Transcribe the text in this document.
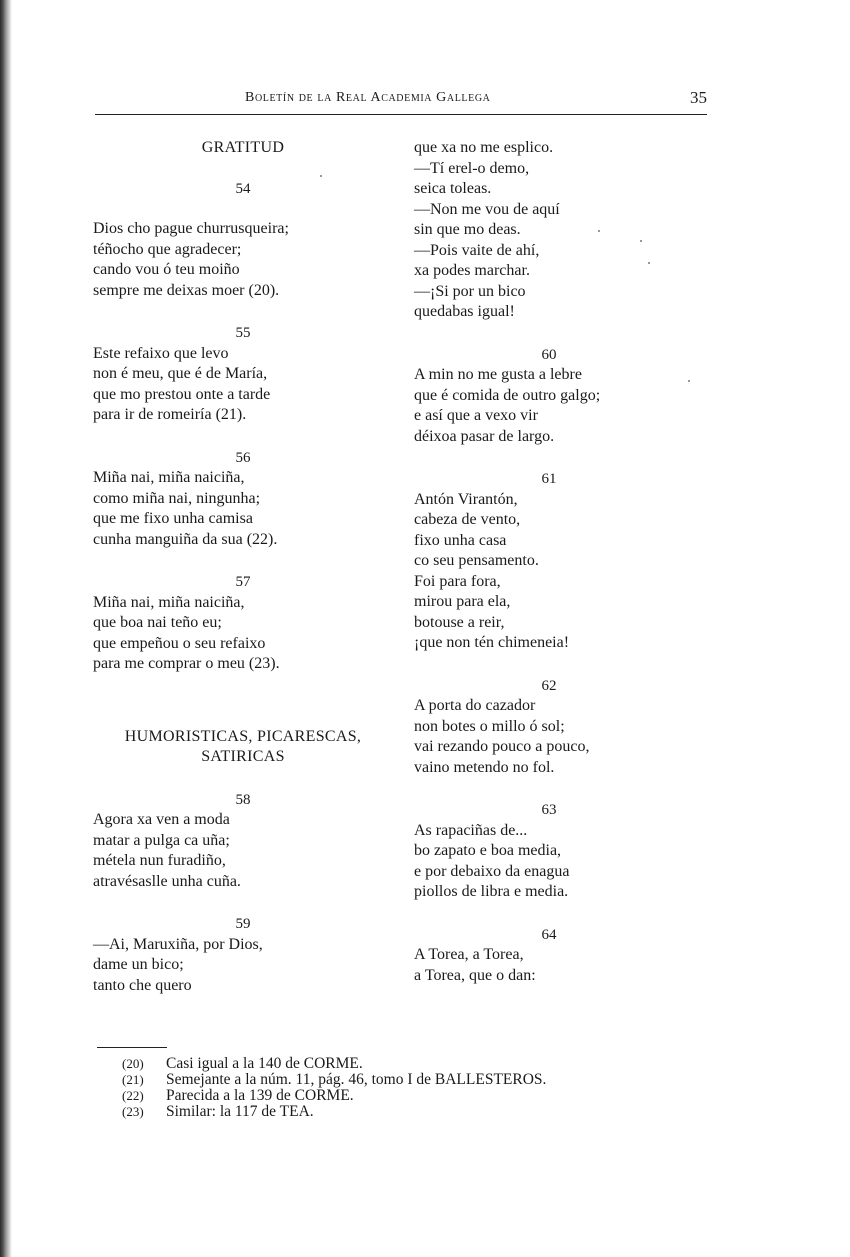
Boletín de la Real Academia Gallega	35
GRATITUD
54
Dios cho pague churrusqueira;
téñocho que agradecer;
cando vou ó teu moiño
sempre me deixas moer (20).
55
Este refaixo que levo
non é meu, que é de María,
que mo prestou onte a tarde
para ir de romeiría (21).
56
Miña nai, miña naiciña,
como miña nai, ningunha;
que me fixo unha camisa
cunha manguiña da sua (22).
57
Miña nai, miña naiciña,
que boa nai teño eu;
que empeñou o seu refaixo
para me comprar o meu (23).
HUMORISTICAS, PICARESCAS,
SATIRICAS
58
Agora xa ven a moda
matar a pulga ca uña;
métela nun furadiño,
atravésaslle unha cuña.
59
—Ai, Maruxiña, por Dios,
dame un bico;
tanto che quero
que xa no me esplico.
—Tí erel-o demo,
seica toleas.
—Non me vou de aquí
sin que mo deas.
—Pois vaite de ahí,
xa podes marchar.
—¡Si por un bico
quedabas igual!
60
A min no me gusta a lebre
que é comida de outro galgo;
e así que a vexo vir
déixoa pasar de largo.
61
Antón Virantón,
cabeza de vento,
fixo unha casa
co seu pensamento.
Foi para fora,
mirou para ela,
botouse a reir,
¡que non tén chimeneia!
62
A porta do cazador
non botes o millo ó sol;
vai rezando pouco a pouco,
vaino metendo no fol.
63
As rapaciñas de...
bo zapato e boa media,
e por debaixo da enagua
piollos de libra e media.
64
A Torea, a Torea,
a Torea, que o dan:
(20) Casi igual a la 140 de CORME.
(21) Semejante a la núm. 11, pág. 46, tomo I de BALLESTEROS.
(22) Parecida a la 139 de CORME.
(23) Similar: la 117 de TEA.
